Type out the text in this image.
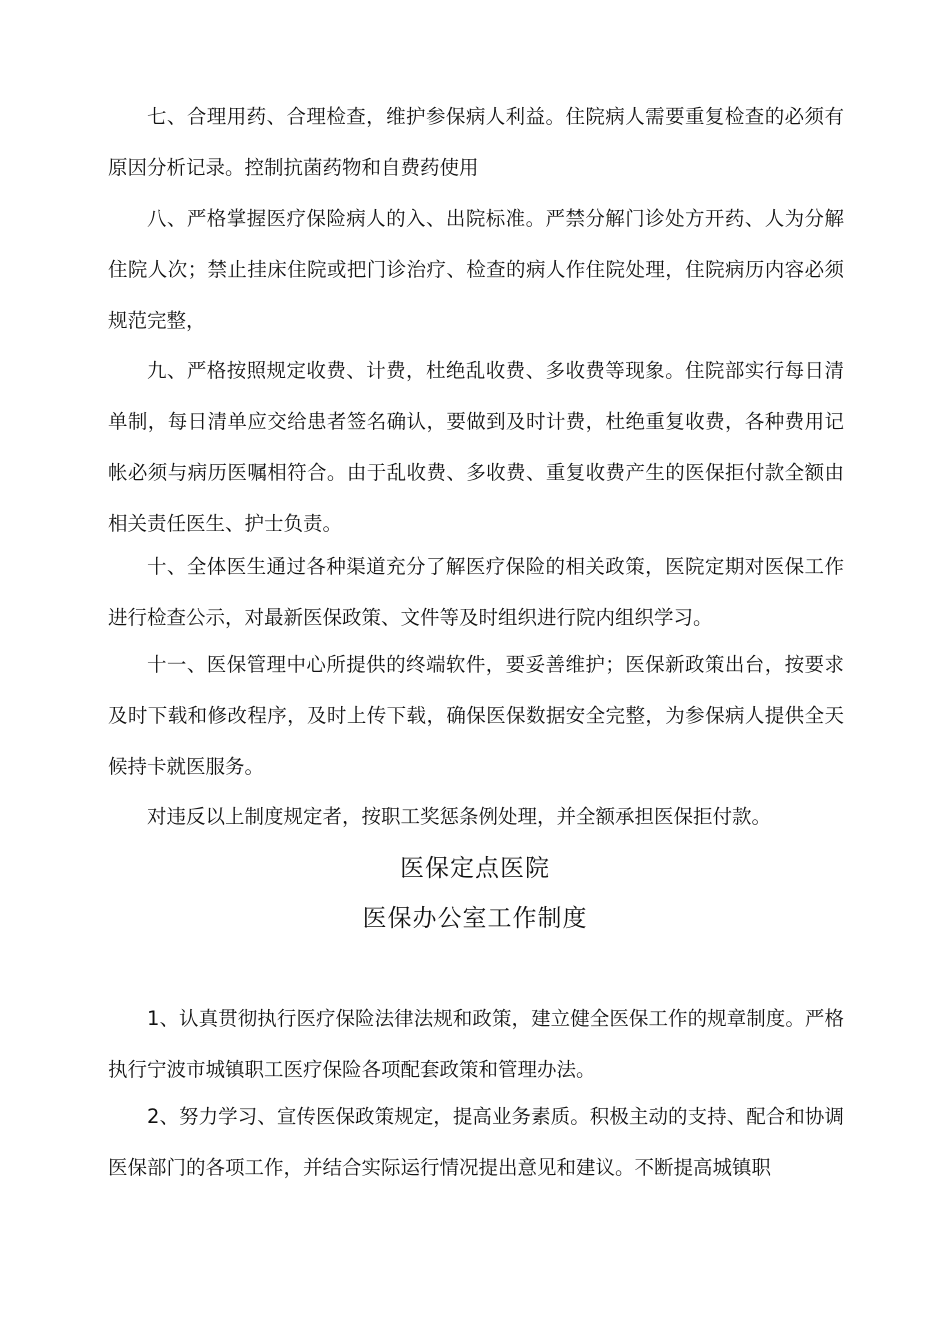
七、合理用药、合理检查，维护参保病人利益。住院病人需要重复检查的必须有原因分析记录。控制抗菌药物和自费药使用

八、严格掌握医疗保险病人的入、出院标准。严禁分解门诊处方开药、人为分解住院人次；禁止挂床住院或把门诊治疗、检查的病人作住院处理，住院病历内容必须规范完整，

九、严格按照规定收费、计费，杜绝乱收费、多收费等现象。住院部实行每日清单制，每日清单应交给患者签名确认，要做到及时计费，杜绝重复收费，各种费用记帐必须与病历医嘱相符合。由于乱收费、多收费、重复收费产生的医保拒付款全额由相关责任医生、护士负责。

十、全体医生通过各种渠道充分了解医疗保险的相关政策，医院定期对医保工作进行检查公示，对最新医保政策、文件等及时组织进行院内组织学习。

十一、医保管理中心所提供的终端软件，要妥善维护；医保新政策出台，按要求及时下载和修改程序，及时上传下载，确保医保数据安全完整，为参保病人提供全天候持卡就医服务。

对违反以上制度规定者，按职工奖惩条例处理，并全额承担医保拒付款。

医保定点医院
医保办公室工作制度

1、认真贯彻执行医疗保险法律法规和政策，建立健全医保工作的规章制度。严格执行宁波市城镇职工医疗保险各项配套政策和管理办法。

2、努力学习、宣传医保政策规定，提高业务素质。积极主动的支持、配合和协调医保部门的各项工作，并结合实际运行情况提出意见和建议。不断提高城镇职
